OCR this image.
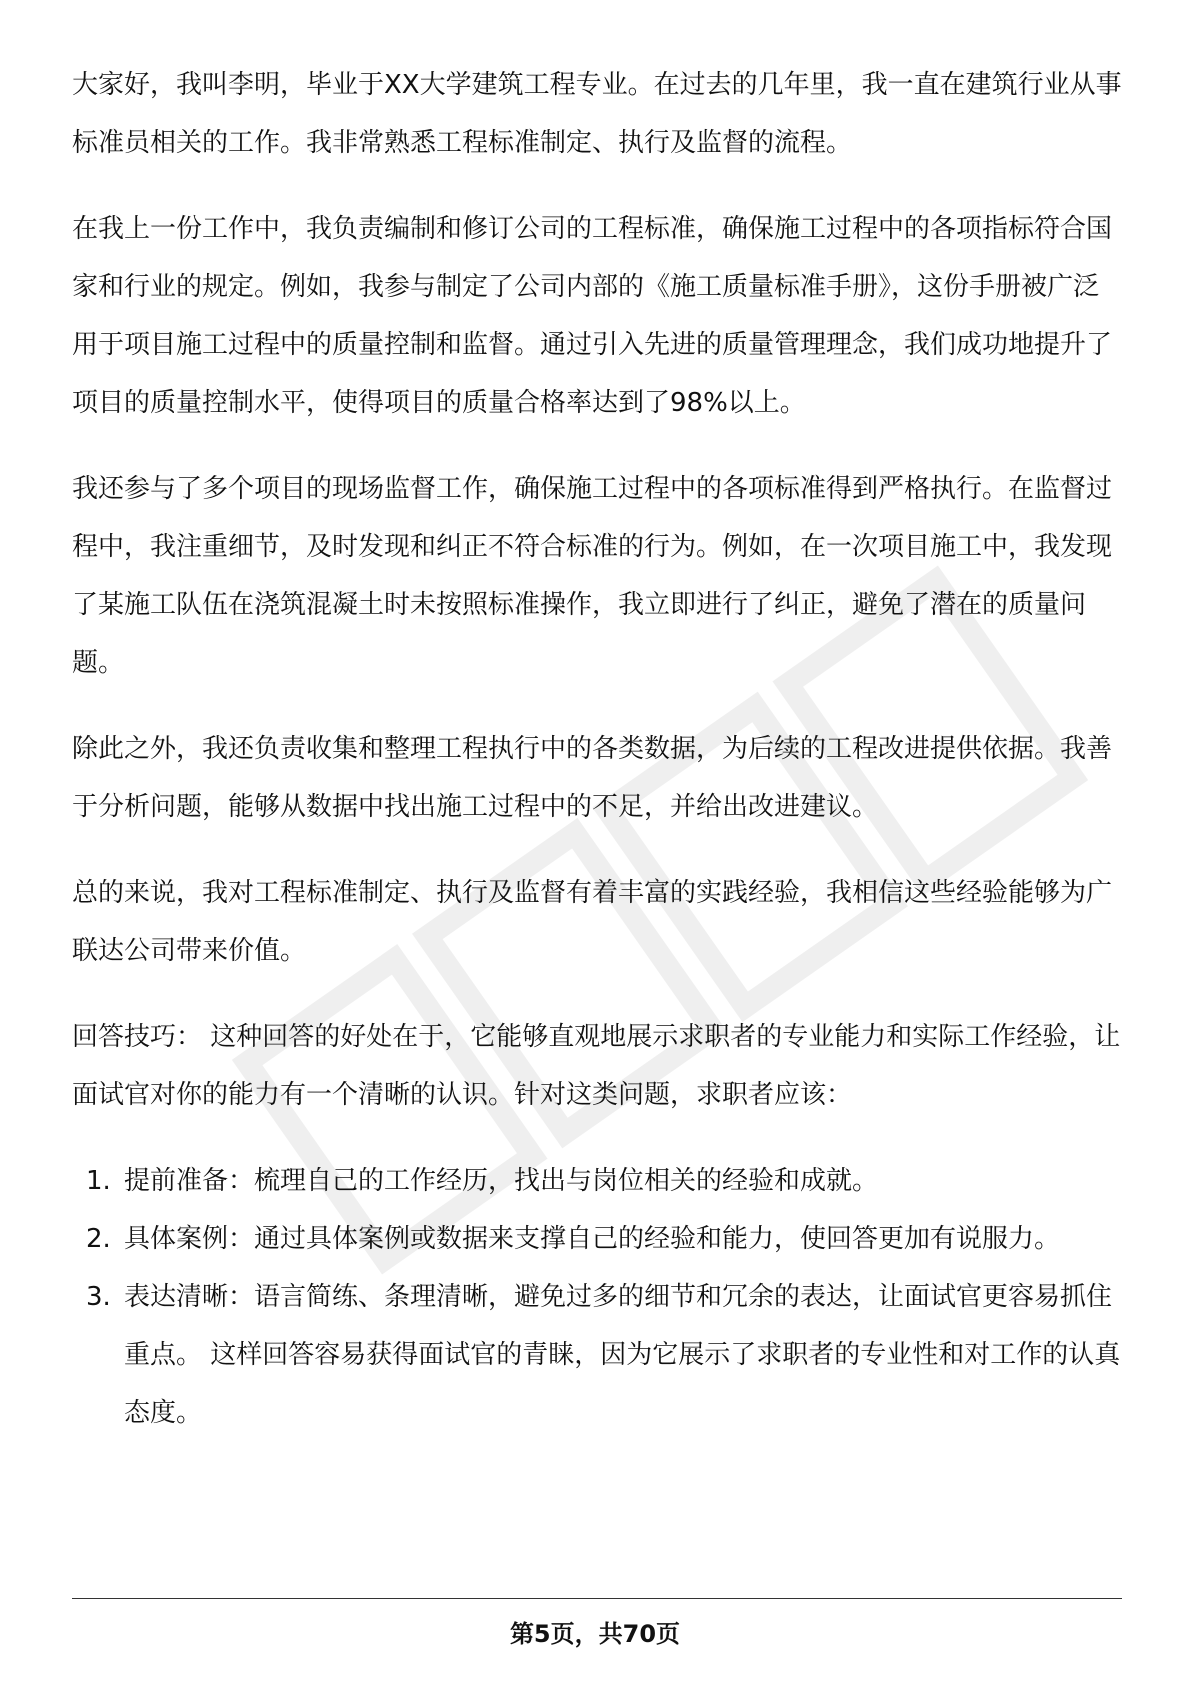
大家好，我叫李明，毕业于XX大学建筑工程专业。在过去的几年里，我一直在建筑行业从事标准员相关的工作。我非常熟悉工程标准制定、执行及监督的流程。

在我上一份工作中，我负责编制和修订公司的工程标准，确保施工过程中的各项指标符合国家和行业的规定。例如，我参与制定了公司内部的《施工质量标准手册》，这份手册被广泛用于项目施工过程中的质量控制和监督。通过引入先进的质量管理理念，我们成功地提升了项目的质量控制水平，使得项目的质量合格率达到了98%以上。

我还参与了多个项目的现场监督工作，确保施工过程中的各项标准得到严格执行。在监督过程中，我注重细节，及时发现和纠正不符合标准的行为。例如，在一次项目施工中，我发现了某施工队伍在浇筑混凝土时未按照标准操作，我立即进行了纠正，避免了潜在的质量问题。

除此之外，我还负责收集和整理工程执行中的各类数据，为后续的工程改进提供依据。我善于分析问题，能够从数据中找出施工过程中的不足，并给出改进建议。

总的来说，我对工程标准制定、执行及监督有着丰富的实践经验，我相信这些经验能够为广联达公司带来价值。

回答技巧： 这种回答的好处在于，它能够直观地展示求职者的专业能力和实际工作经验，让面试官对你的能力有一个清晰的认识。针对这类问题，求职者应该：

1. 提前准备：梳理自己的工作经历，找出与岗位相关的经验和成就。
2. 具体案例：通过具体案例或数据来支撑自己的经验和能力，使回答更加有说服力。
3. 表达清晰：语言简练、条理清晰，避免过多的细节和冗余的表达，让面试官更容易抓住重点。 这样回答容易获得面试官的青睐，因为它展示了求职者的专业性和对工作的认真态度。
第5页，共70页
